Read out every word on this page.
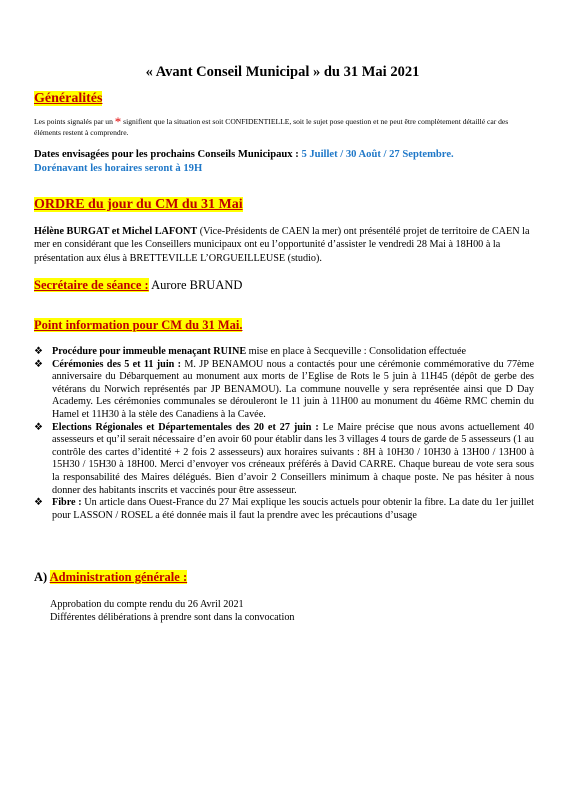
« Avant Conseil Municipal » du 31 Mai 2021
Généralités
Les points signalés par un * signifient que la situation est soit CONFIDENTIELLE, soit le sujet pose question et ne peut être complètement détaillé car des éléments restent à comprendre.
Dates envisagées pour les prochains Conseils Municipaux : 5 Juillet / 30 Août / 27 Septembre.
Dorénavant les horaires seront à 19H
ORDRE du jour du CM du 31 Mai
Hélène BURGAT et Michel LAFONT (Vice-Présidents de CAEN la mer) ont présentélé projet de territoire de CAEN la mer en considérant que les Conseillers municipaux ont eu l’opportunité d’assister le vendredi 28 Mai à 18H00 à la présentation aux élus à BRETTEVILLE L’ORGUEILLEUSE (studio).
Secrétaire de séance : Aurore BRUAND
Point information pour CM du 31 Mai.
❖ Procédure pour immeuble menaçant RUINE mise en place à Secqueville : Consolidation effectuée
❖ Cérémonies des 5 et 11 juin : M. JP BENAMOU nous a contactés pour une cérémonie commémorative du 77ème anniversaire du Débarquement au monument aux morts de l’Eglise de Rots le 5 juin à 11H45 (dépôt de gerbe des vétérans du Norwich représentés par JP BENAMOU). La commune nouvelle y sera représentée ainsi que D Day Academy. Les cérémonies communales se dérouleront le 11 juin à 11H00 au monument du 46ème RMC chemin du Hamel et 11H30 à la stèle des Canadiens à la Cavée.
❖ Elections Régionales et Départementales des 20 et 27 juin : Le Maire précise que nous avons actuellement 40 assesseurs et qu’il serait nécessaire d’en avoir 60 pour établir dans les 3 villages 4 tours de garde de 5 assesseurs (1 au contrôle des cartes d’identité + 2 fois 2 assesseurs) aux horaires suivants : 8H à 10H30 / 10H30 à 13H00 / 13H00 à 15H30 / 15H30 à 18H00. Merci d’envoyer vos créneaux préférés à David CARRE. Chaque bureau de vote sera sous la responsabilité des Maires délégués. Bien d’avoir 2 Conseillers minimum à chaque poste. Ne pas hésiter à nous donner des habitants inscrits et vaccinés pour être assesseur.
❖ Fibre : Un article dans Ouest-France du 27 Mai explique les soucis actuels pour obtenir la fibre. La date du 1er juillet pour LASSON / ROSEL a été donnée mais il faut la prendre avec les précautions d’usage
A) Administration générale :
Approbation du compte rendu du 26 Avril 2021
Différentes délibérations à prendre sont dans la convocation
